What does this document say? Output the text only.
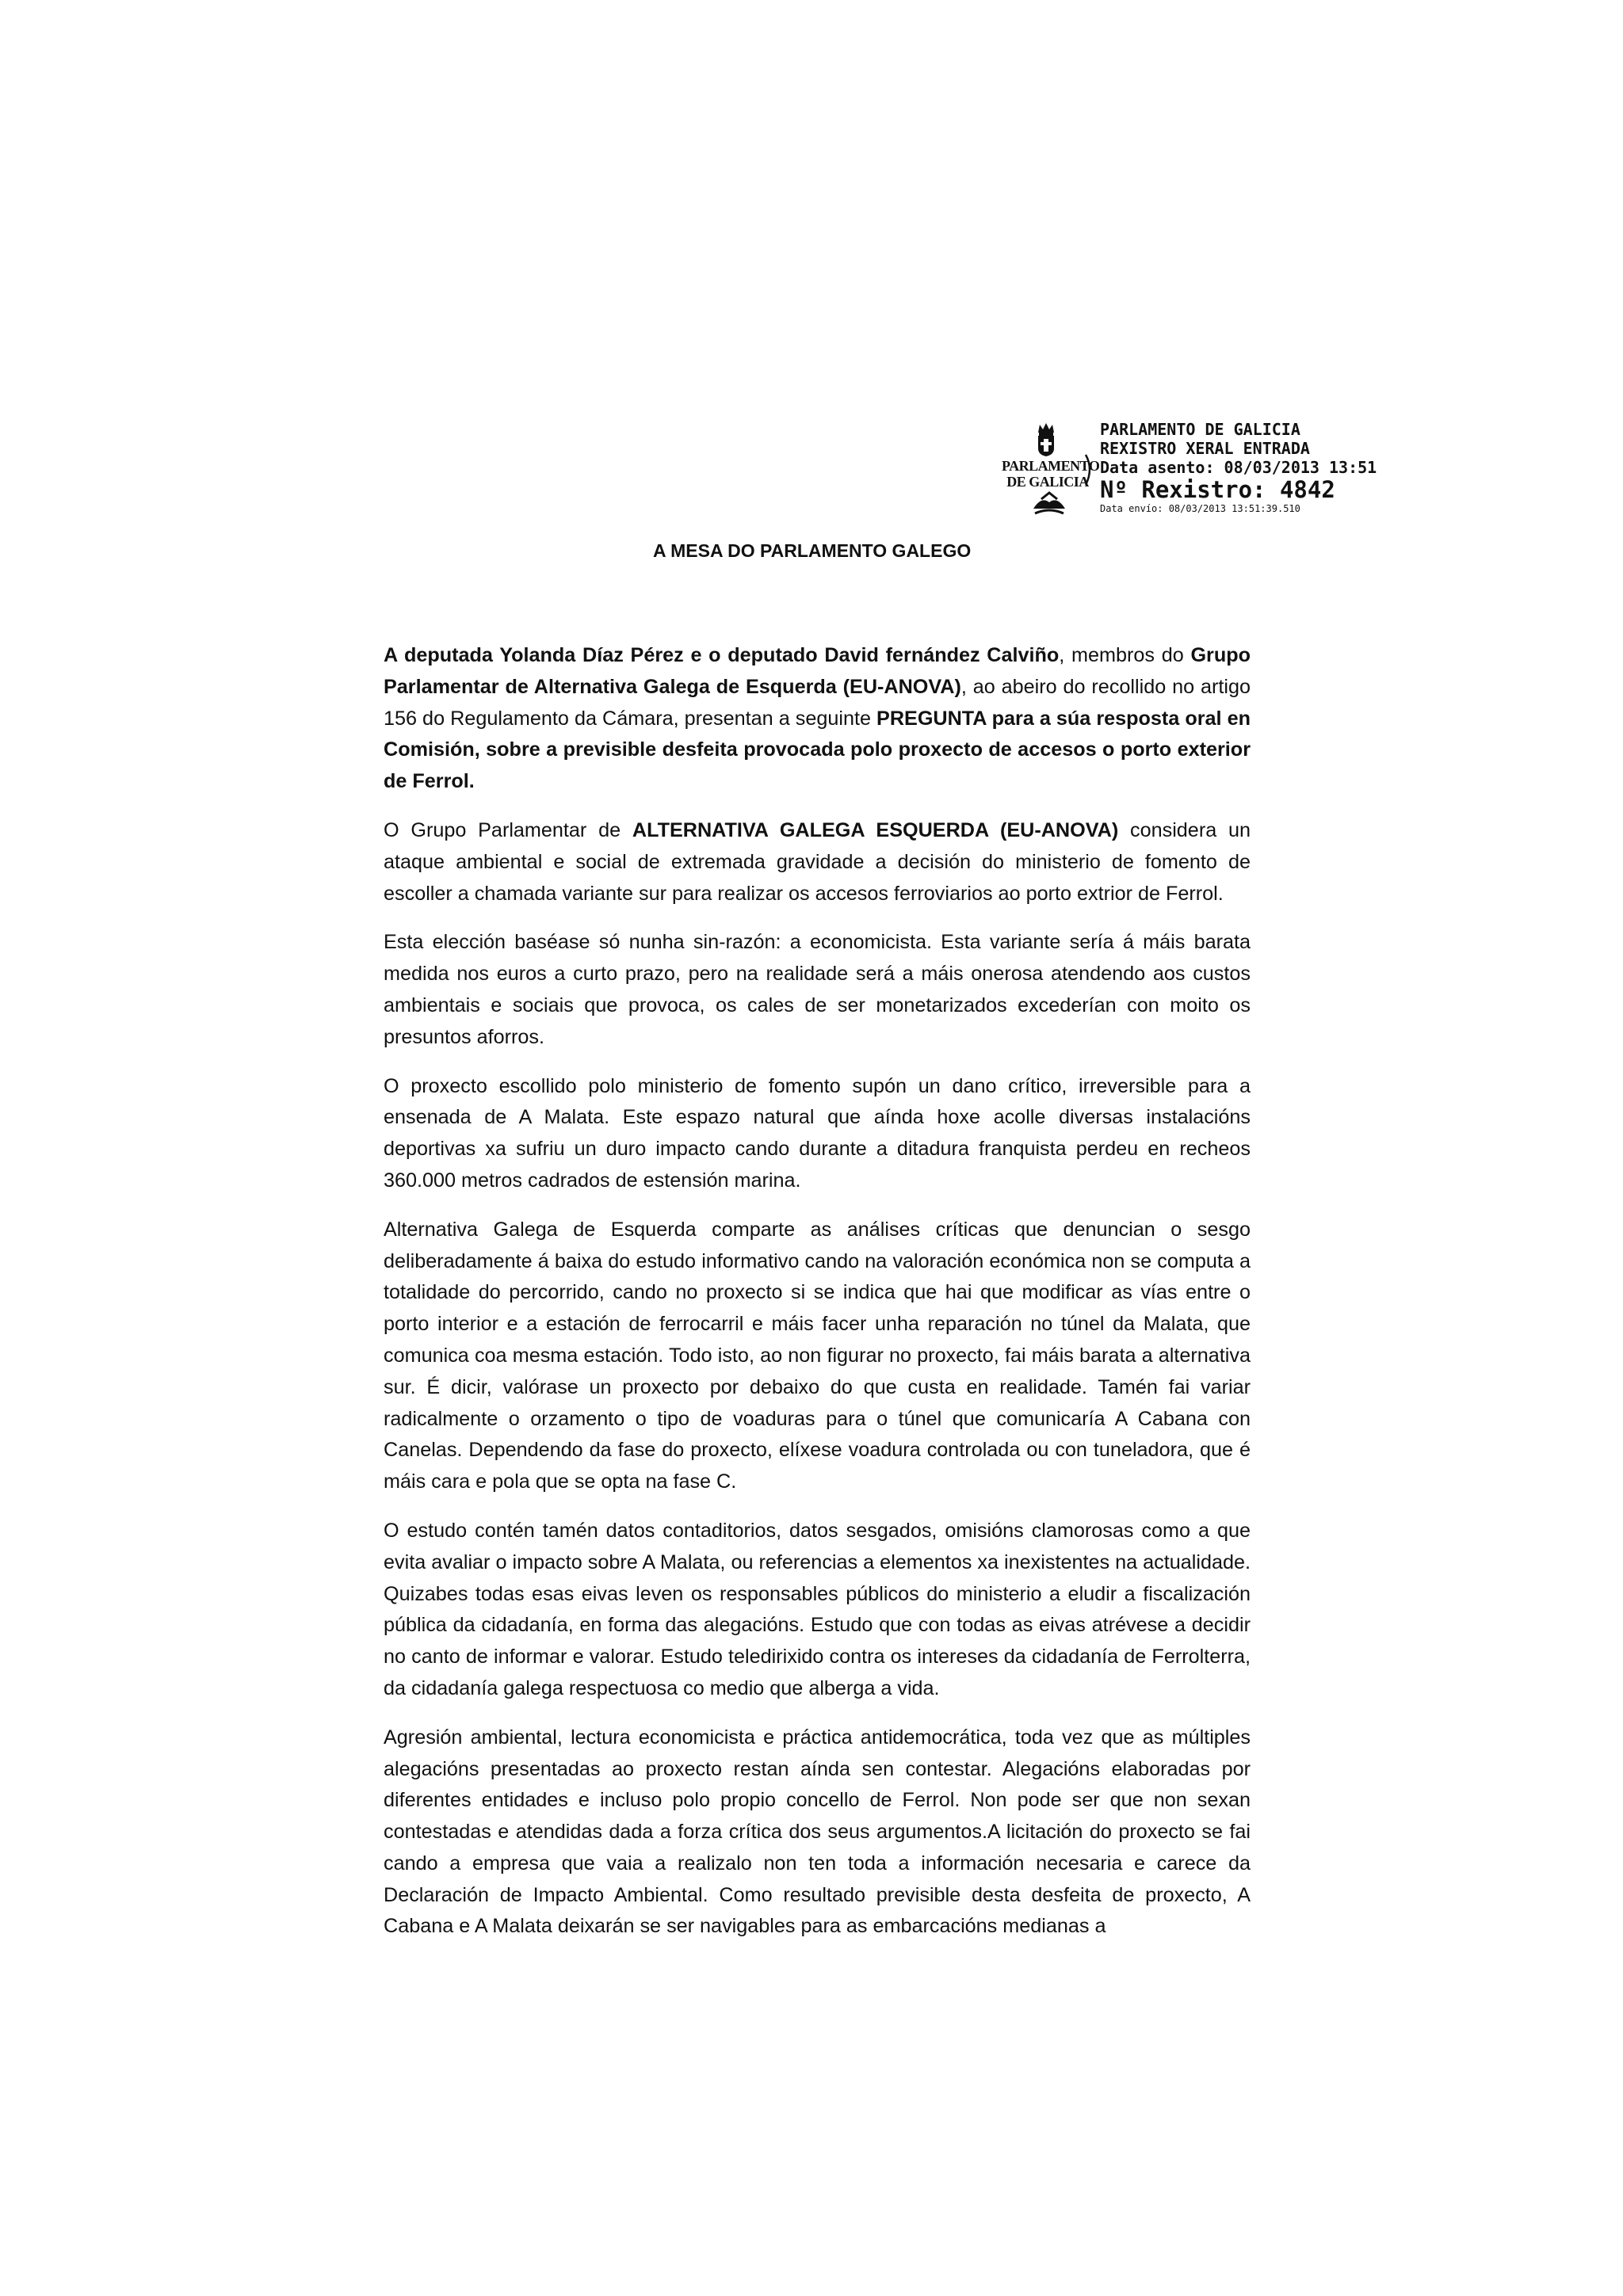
PARLAMENTO
DE GALICIA
PARLAMENTO DE GALICIA
REXISTRO XERAL ENTRADA
Data asento: 08/03/2013 13:51
Nº Rexistro: 4842
Data envío: 08/03/2013 13:51:39.510
A MESA DO PARLAMENTO GALEGO

A deputada Yolanda Díaz Pérez e o deputado David fernández Calviño, membros do Grupo Parlamentar de Alternativa Galega de Esquerda (EU-ANOVA), ao abeiro do recollido no artigo 156 do Regulamento da Cámara, presentan a seguinte PREGUNTA para a súa resposta oral en Comisión, sobre a previsible desfeita provocada polo proxecto de accesos o porto exterior de Ferrol.

O Grupo Parlamentar de ALTERNATIVA GALEGA ESQUERDA (EU-ANOVA) considera un ataque ambiental e social de extremada gravidade a decisión do ministerio de fomento de escoller a chamada variante sur para realizar os accesos ferroviarios ao porto extrior de Ferrol.

Esta elección baséase só nunha sin-razón: a economicista. Esta variante sería á máis barata medida nos euros a curto prazo, pero na realidade será a máis onerosa atendendo aos custos ambientais e sociais que provoca, os cales de ser monetarizados excederían con moito os presuntos aforros.

O proxecto escollido polo ministerio de fomento supón un dano crítico, irreversible para a ensenada de A Malata. Este espazo natural que aínda hoxe acolle diversas instalacións deportivas xa sufriu un duro impacto cando durante a ditadura franquista perdeu en recheos 360.000 metros cadrados de estensión marina.

Alternativa Galega de Esquerda comparte as análises críticas que denuncian o sesgo deliberadamente á baixa do estudo informativo cando na valoración económica non se computa a totalidade do percorrido, cando no proxecto si se indica que hai que modificar as vías entre o porto interior e a estación de ferrocarril e máis facer unha reparación no túnel da Malata, que comunica coa mesma estación. Todo isto, ao non figurar no proxecto, fai máis barata a alternativa sur. É dicir, valórase un proxecto por debaixo do que custa en realidade. Tamén fai variar radicalmente o orzamento o tipo de voaduras para o túnel que comunicaría A Cabana con Canelas. Dependendo da fase do proxecto, elíxese voadura controlada ou con tuneladora, que é máis cara e pola que se opta na fase C.

O estudo contén tamén datos contaditorios, datos sesgados, omisións clamorosas como a que evita avaliar o impacto sobre A Malata, ou referencias a elementos xa inexistentes na actualidade. Quizabes todas esas eivas leven os responsables públicos do ministerio a eludir a fiscalización pública da cidadanía, en forma das alegacións. Estudo que con todas as eivas atrévese a decidir no canto de informar e valorar. Estudo teledirixido contra os intereses da cidadanía de Ferrolterra, da cidadanía galega respectuosa co medio que alberga a vida.

Agresión ambiental, lectura economicista e práctica antidemocrática, toda vez que as múltiples alegacións presentadas ao proxecto restan aínda sen contestar. Alegacións elaboradas por diferentes entidades e incluso polo propio concello de Ferrol. Non pode ser que non sexan contestadas e atendidas dada a forza crítica dos seus argumentos.A licitación do proxecto se fai cando a empresa que vaia a realizalo non ten toda a información necesaria e carece da Declaración de Impacto Ambiental. Como resultado previsible desta desfeita de proxecto, A Cabana e A Malata deixarán se ser navigables para as embarcacións medianas a
